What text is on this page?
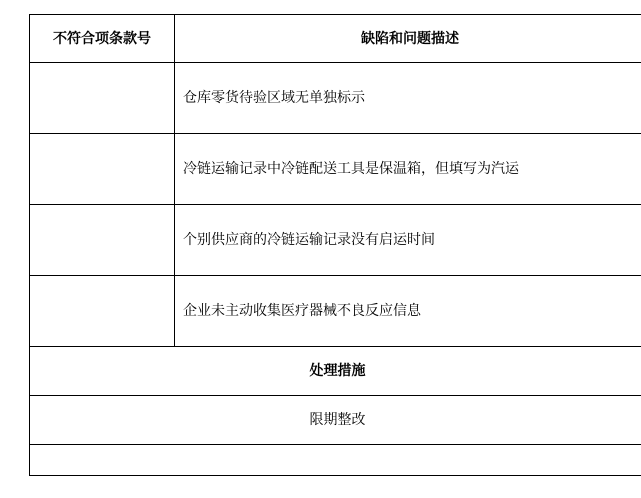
不符合项条款号	缺陷和问题描述
	仓库零货待验区域无单独标示
	冷链运输记录中冷链配送工具是保温箱，但填写为汽运
	个别供应商的冷链运输记录没有启运时间
	企业未主动收集医疗器械不良反应信息
处理措施	
限期整改	
